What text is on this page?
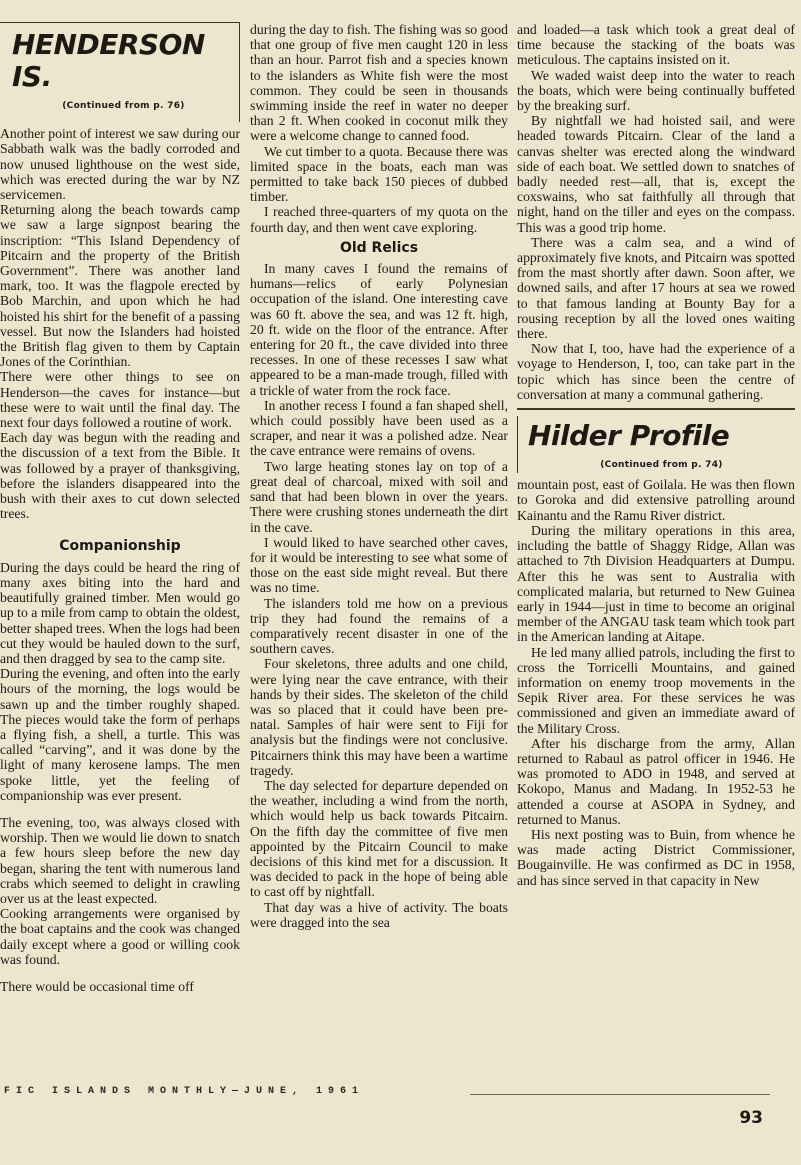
HENDERSON IS.
(Continued from p. 76)

Another point of interest we saw during our Sabbath walk was the badly corroded and now unused lighthouse on the west side, which was erected during the war by NZ servicemen.

Returning along the beach towards camp we saw a large signpost bearing the inscription: “This Island Dependency of Pitcairn and the property of the British Government”. There was another land mark, too. It was the flagpole erected by Bob Marchin, and upon which he had hoisted his shirt for the benefit of a passing vessel. But now the Islanders had hoisted the British flag given to them by Captain Jones of the Corinthian.

There were other things to see on Henderson—the caves for instance—but these were to wait until the final day. The next four days followed a routine of work.

Each day was begun with the reading and the discussion of a text from the Bible. It was followed by a prayer of thanksgiving, before the islanders disappeared into the bush with their axes to cut down selected trees.

Companionship

During the days could be heard the ring of many axes biting into the hard and beautifully grained timber. Men would go up to a mile from camp to obtain the oldest, better shaped trees. When the logs had been cut they would be hauled down to the surf, and then dragged by sea to the camp site.

During the evening, and often into the early hours of the morning, the logs would be sawn up and the timber roughly shaped. The pieces would take the form of perhaps a flying fish, a shell, a turtle. This was called “carving”, and it was done by the light of many kerosene lamps. The men spoke little, yet the feeling of companionship was ever present.

The evening, too, was always closed with worship. Then we would lie down to snatch a few hours sleep before the new day began, sharing the tent with numerous land crabs which seemed to delight in crawling over us at the least expected.

Cooking arrangements were organised by the boat captains and the cook was changed daily except where a good or willing cook was found.

There would be occasional time off

during the day to fish. The fishing was so good that one group of five men caught 120 in less than an hour. Parrot fish and a species known to the islanders as White fish were the most common. They could be seen in thousands swimming inside the reef in water no deeper than 2 ft. When cooked in coconut milk they were a welcome change to canned food.

We cut timber to a quota. Because there was limited space in the boats, each man was permitted to take back 150 pieces of dubbed timber.

I reached three-quarters of my quota on the fourth day, and then went cave exploring.

Old Relics

In many caves I found the remains of humans—relics of early Polynesian occupation of the island. One interesting cave was 60 ft. above the sea, and was 12 ft. high, 20 ft. wide on the floor of the entrance. After entering for 20 ft., the cave divided into three recesses. In one of these recesses I saw what appeared to be a man-made trough, filled with a trickle of water from the rock face.

In another recess I found a fan shaped shell, which could possibly have been used as a scraper, and near it was a polished adze. Near the cave entrance were remains of ovens.

Two large heating stones lay on top of a great deal of charcoal, mixed with soil and sand that had been blown in over the years. There were crushing stones underneath the dirt in the cave.

I would liked to have searched other caves, for it would be interesting to see what some of those on the east side might reveal. But there was no time.

The islanders told me how on a previous trip they had found the remains of a comparatively recent disaster in one of the southern caves.

Four skeletons, three adults and one child, were lying near the cave entrance, with their hands by their sides. The skeleton of the child was so placed that it could have been pre-natal. Samples of hair were sent to Fiji for analysis but the findings were not conclusive. Pitcairners think this may have been a wartime tragedy.

The day selected for departure depended on the weather, including a wind from the north, which would help us back towards Pitcairn. On the fifth day the committee of five men appointed by the Pitcairn Council to make decisions of this kind met for a discussion. It was decided to pack in the hope of being able to cast off by nightfall.

That day was a hive of activity. The boats were dragged into the sea

and loaded—a task which took a great deal of time because the stacking of the boats was meticulous. The captains insisted on it.

We waded waist deep into the water to reach the boats, which were being continually buffeted by the breaking surf.

By nightfall we had hoisted sail, and were headed towards Pitcairn. Clear of the land a canvas shelter was erected along the windward side of each boat. We settled down to snatches of badly needed rest—all, that is, except the coxswains, who sat faithfully all through that night, hand on the tiller and eyes on the compass. This was a good trip home.

There was a calm sea, and a wind of approximately five knots, and Pitcairn was spotted from the mast shortly after dawn. Soon after, we downed sails, and after 17 hours at sea we rowed to that famous landing at Bounty Bay for a rousing reception by all the loved ones waiting there.

Now that I, too, have had the experience of a voyage to Henderson, I, too, can take part in the topic which has since been the centre of conversation at many a communal gathering.

Hilder Profile
(Continued from p. 74)

mountain post, east of Goilala. He was then flown to Goroka and did extensive patrolling around Kainantu and the Ramu River district.

During the military operations in this area, including the battle of Shaggy Ridge, Allan was attached to 7th Division Headquarters at Dumpu. After this he was sent to Australia with complicated malaria, but returned to New Guinea early in 1944—just in time to become an original member of the ANGAU task team which took part in the American landing at Aitape.

He led many allied patrols, including the first to cross the Torricelli Mountains, and gained information on enemy troop movements in the Sepik River area. For these services he was commissioned and given an immediate award of the Military Cross.

After his discharge from the army, Allan returned to Rabaul as patrol officer in 1946. He was promoted to ADO in 1948, and served at Kokopo, Manus and Madang. In 1952-53 he attended a course at ASOPA in Sydney, and returned to Manus.

His next posting was to Buin, from whence he was made acting District Commissioner, Bougainville. He was confirmed as DC in 1958, and has since served in that capacity in New

FIC ISLANDS MONTHLY—JUNE, 1961
93
